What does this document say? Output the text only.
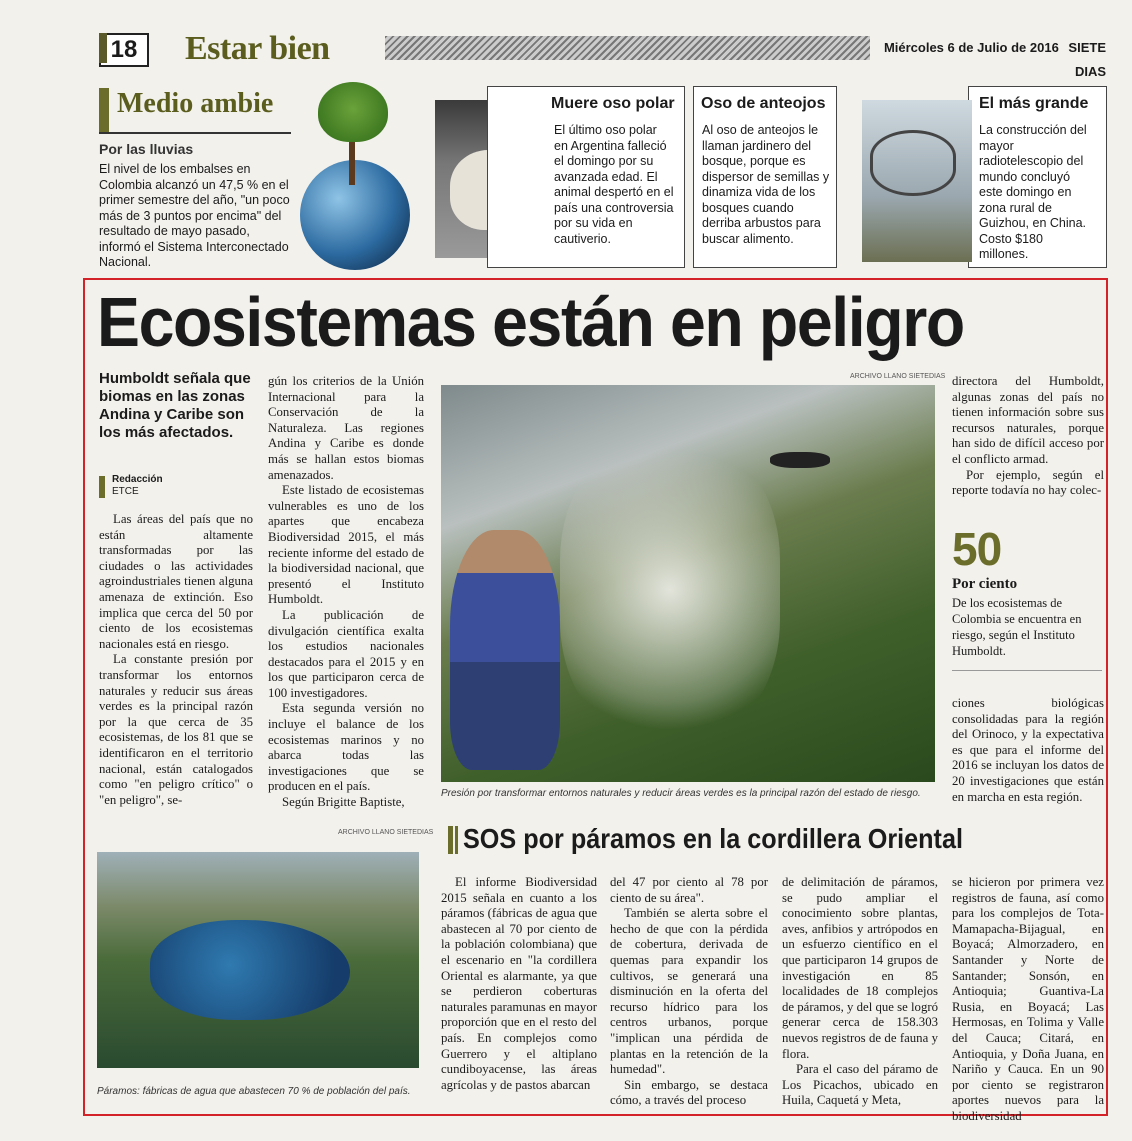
Miércoles 6 de Julio de 2016 SIETE DIAS
18	Estar bien
Medio ambie
Por las lluvias
El nivel de los embalses en Colombia alcanzó un 47,5 % en el primer semestre del año, "un poco más de 3 puntos por encima" del resultado de mayo pasado, informó el Sistema Interconectado Nacional.
Muere oso polar
El último oso polar en Argentina falleció el domingo por su avanzada edad. El animal despertó en el país una controversia por su vida en cautiverio.
Oso de anteojos
Al oso de anteojos le llaman jardinero del bosque, porque es dispersor de semillas y dinamiza vida de los bosques cuando derriba arbustos para buscar alimento.
El más grande
La construcción del mayor radiotelescopio del mundo concluyó este domingo en zona rural de Guizhou, en China. Costo $180 millones.
Ecosistemas están en peligro
Humboldt señala que biomas en las zonas Andina y Caribe son los más afectados.
Redacción
ETCE

Las áreas del país que no están altamente transformadas por las ciudades o las actividades agroindustriales tienen alguna amenaza de extinción. Eso implica que cerca del 50 por ciento de los ecosistemas nacionales está en riesgo.

La constante presión por transformar los entornos naturales y reducir sus áreas verdes es la principal razón por la que cerca de 35 ecosistemas, de los 81 que se identificaron en el territorio nacional, están catalogados como "en peligro crítico" o "en peligro", se-

gún los criterios de la Unión Internacional para la Conservación de la Naturaleza. Las regiones Andina y Caribe es donde más se hallan estos biomas amenazados.

Este listado de ecosistemas vulnerables es uno de los apartes que encabeza Biodiversidad 2015, el más reciente informe del estado de la biodiversidad nacional, que presentó el Instituto Humboldt.

La publicación de divulgación científica exalta los estudios nacionales destacados para el 2015 y en los que participaron cerca de 100 investigadores.

Esta segunda versión no incluye el balance de los ecosistemas marinos y no abarca todas las investigaciones que se producen en el país.

Según Brigitte Baptiste,

ARCHIVO LLANO SIETEDIAS
Presión por transformar entornos naturales y reducir áreas verdes es la principal razón del estado de riesgo.

directora del Humboldt, algunas zonas del país no tienen información sobre sus recursos naturales, porque han sido de difícil acceso por el conflicto armad.

Por ejemplo, según el reporte todavía no hay colec-

50
Por ciento
De los ecosistemas de Colombia se encuentra en riesgo, según el Instituto Humboldt.

ciones biológicas consolidadas para la región del Orinoco, y la expectativa es que para el informe del 2016 se incluyan los datos de 20 investigaciones que están en marcha en esta región.

ARCHIVO LLANO SIETEDIAS
Páramos: fábricas de agua que abastecen 70 % de población del país.
SOS por páramos en la cordillera Oriental

El informe Biodiversidad 2015 señala en cuanto a los páramos (fábricas de agua que abastecen al 70 por ciento de la población colombiana) que el escenario en "la cordillera Oriental es alarmante, ya que se perdieron coberturas naturales paramunas en mayor proporción que en el resto del país. En complejos como Guerrero y el altiplano cundiboyacense, las áreas agrícolas y de pastos abarcan

del 47 por ciento al 78 por ciento de su área".

También se alerta sobre el hecho de que con la pérdida de cobertura, derivada de quemas para expandir los cultivos, se generará una disminución en la oferta del recurso hídrico para los centros urbanos, porque "implican una pérdida de plantas en la retención de la humedad".

Sin embargo, se destaca cómo, a través del proceso

de delimitación de páramos, se pudo ampliar el conocimiento sobre plantas, aves, anfibios y artrópodos en un esfuerzo científico en el que participaron 14 grupos de investigación en 85 localidades de 18 complejos de páramos, y del que se logró generar cerca de 158.303 nuevos registros de de fauna y flora.

Para el caso del páramo de Los Picachos, ubicado en Huila, Caquetá y Meta,

se hicieron por primera vez registros de fauna, así como para los complejos de Tota-Mamapacha-Bijagual, en Boyacá; Almorzadero, en Santander y Norte de Santander; Sonsón, en Antioquia; Guantiva-La Rusia, en Boyacá; Las Hermosas, en Tolima y Valle del Cauca; Citará, en Antioquia, y Doña Juana, en Nariño y Cauca. En un 90 por ciento se registraron aportes nuevos para la biodiversidad
